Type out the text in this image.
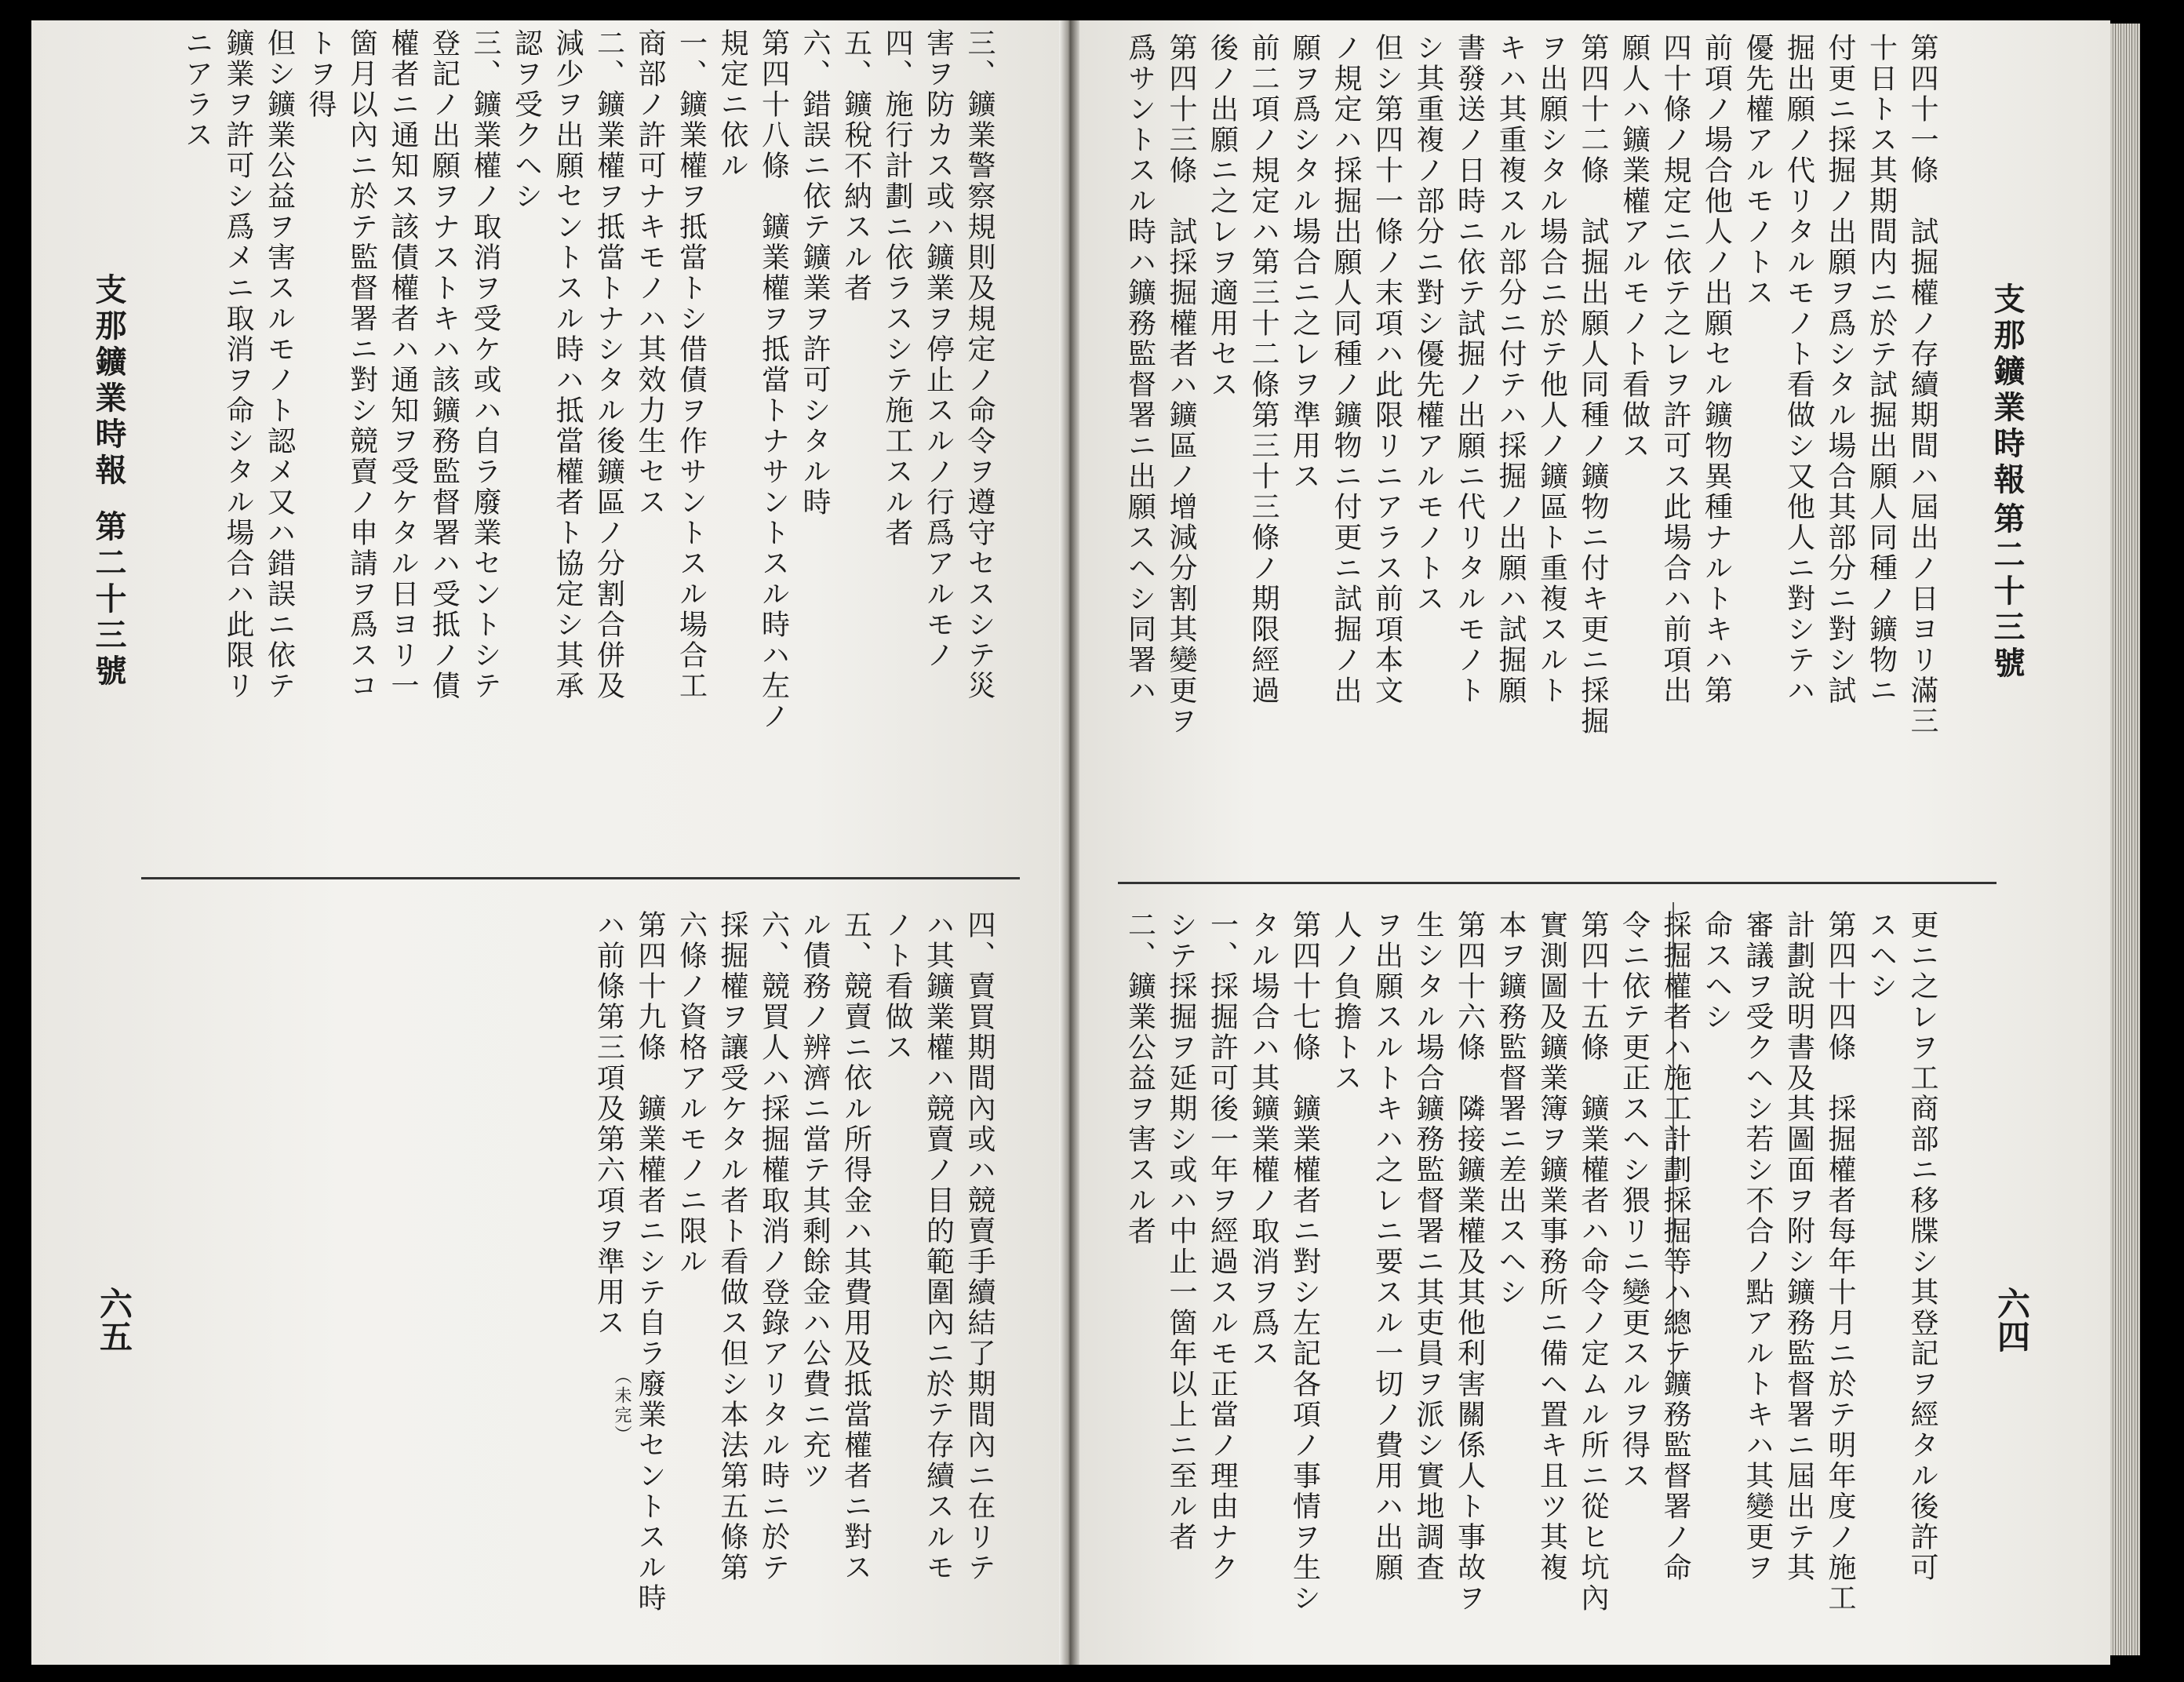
支那鑛業時報
第二十三號
六四
第四十一條　試掘權ノ存續期間ハ屆出ノ日ヨリ滿三
十日トス其期間内ニ於テ試掘出願人同種ノ鑛物ニ
付更ニ採掘ノ出願ヲ爲シタル場合其部分ニ對シ試
掘出願ノ代リタルモノト看做シ又他人ニ對シテハ
優先權アルモノトス
前項ノ場合他人ノ出願セル鑛物異種ナルトキハ第
四十條ノ規定ニ依テ之レヲ許可ス此場合ハ前項出
願人ハ鑛業權アルモノト看做ス
第四十二條　試掘出願人同種ノ鑛物ニ付キ更ニ採掘
ヲ出願シタル場合ニ於テ他人ノ鑛區ト重複スルト
キハ其重複スル部分ニ付テハ採掘ノ出願ハ試掘願
書發送ノ日時ニ依テ試掘ノ出願ニ代リタルモノト
シ其重複ノ部分ニ對シ優先權アルモノトス
但シ第四十一條ノ末項ハ此限リニアラス前項本文
ノ規定ハ採掘出願人同種ノ鑛物ニ付更ニ試掘ノ出
願ヲ爲シタル場合ニ之レヲ準用ス
前二項ノ規定ハ第三十二條第三十三條ノ期限經過
後ノ出願ニ之レヲ適用セス
第四十三條　試採掘權者ハ鑛區ノ增減分割其變更ヲ
爲サントスル時ハ鑛務監督署ニ出願スヘシ同署ハ
更ニ之レヲ工商部ニ移牒シ其登記ヲ經タル後許可
スヘシ
第四十四條　採掘權者每年十月ニ於テ明年度ノ施工
計劃說明書及其圖面ヲ附シ鑛務監督署ニ屆出テ其
審議ヲ受クヘシ若シ不合ノ點アルトキハ其變更ヲ
命スヘシ
採掘權者ハ施工計劃採掘等ハ總テ鑛務監督署ノ命
令ニ依テ更正スヘシ猥リニ變更スルヲ得ス
第四十五條　鑛業權者ハ命令ノ定ムル所ニ從ヒ坑內
實測圖及鑛業簿ヲ鑛業事務所ニ備ヘ置キ且ツ其複
本ヲ鑛務監督署ニ差出スヘシ
第四十六條　隣接鑛業權及其他利害關係人ト事故ヲ
生シタル場合鑛務監督署ニ其吏員ヲ派シ實地調査
ヲ出願スルトキハ之レニ要スル一切ノ費用ハ出願
人ノ負擔トス
第四十七條　鑛業權者ニ對シ左記各項ノ事情ヲ生シ
タル場合ハ其鑛業權ノ取消ヲ爲ス
一、採掘許可後一年ヲ經過スルモ正當ノ理由ナク
シテ採掘ヲ延期シ或ハ中止一箇年以上ニ至ル者
二、鑛業公益ヲ害スル者
支那鑛業時報
第二十三號
六五
三、鑛業警察規則及規定ノ命令ヲ遵守セスシテ災
害ヲ防カス或ハ鑛業ヲ停止スルノ行爲アルモノ
四、施行計劃ニ依ラスシテ施工スル者
五、鑛稅不納スル者
六、錯誤ニ依テ鑛業ヲ許可シタル時
第四十八條　鑛業權ヲ抵當トナサントスル時ハ左ノ
規定ニ依ル
一、鑛業權ヲ抵當トシ借債ヲ作サントスル場合工
商部ノ許可ナキモノハ其效力生セス
二、鑛業權ヲ抵當トナシタル後鑛區ノ分割合併及
減少ヲ出願セントスル時ハ抵當權者ト協定シ其承
認ヲ受クヘシ
三、鑛業權ノ取消ヲ受ケ或ハ自ラ廢業セントシテ
登記ノ出願ヲナストキハ該鑛務監督署ハ受抵ノ債
權者ニ通知ス該債權者ハ通知ヲ受ケタル日ヨリ一
箇月以內ニ於テ監督署ニ對シ競賣ノ申請ヲ爲スコ
トヲ得
但シ鑛業公益ヲ害スルモノト認メ又ハ錯誤ニ依テ
鑛業ヲ許可シ爲メニ取消ヲ命シタル場合ハ此限リ
ニアラス
四、賣買期間內或ハ競賣手續結了期間內ニ在リテ
ハ其鑛業權ハ競賣ノ目的範圍內ニ於テ存續スルモ
ノト看做ス
五、競賣ニ依ル所得金ハ其費用及抵當權者ニ對ス
ル債務ノ辨濟ニ當テ其剩餘金ハ公費ニ充ツ
六、競買人ハ採掘權取消ノ登錄アリタル時ニ於テ
採掘權ヲ讓受ケタル者ト看做ス但シ本法第五條第
六條ノ資格アルモノニ限ル
第四十九條　鑛業權者ニシテ自ラ廢業セントスル時
ハ前條第三項及第六項ヲ準用ス
（未完）
